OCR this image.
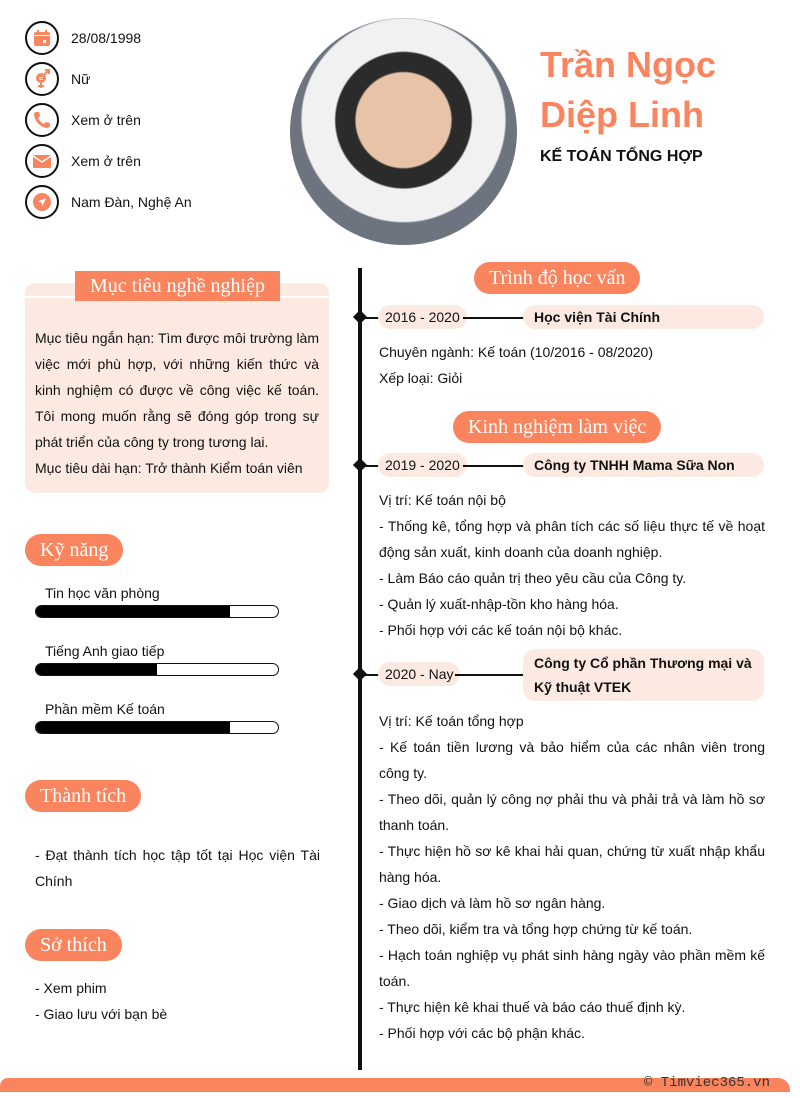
28/08/1998
Nữ
Xem ở trên
Xem ở trên
Nam Đàn, Nghệ An
Trần Ngọc
Diệp Linh
KẾ TOÁN TỔNG HỢP
Mục tiêu ngắn hạn: Tìm được môi trường làm việc mới phù hợp, với những kiến thức và kinh nghiệm có được về công việc kế toán. Tôi mong muốn rằng sẽ đóng góp trong sự phát triển của công ty trong tương lai.
Mục tiêu dài hạn: Trở thành Kiểm toán viên
Mục tiêu nghề nghiệp
Kỹ năng
Tin học văn phòng
Tiếng Anh giao tiếp
Phần mềm Kế toán
Thành tích
- Đạt thành tích học tập tốt tại Học viện Tài Chính
Sở thích
- Xem phim
- Giao lưu với bạn bè
Trình độ học vấn
2016 - 2020	Học viện Tài Chính
Chuyên ngành: Kế toán (10/2016 - 08/2020)
Xếp loại: Giỏi
Kinh nghiệm làm việc
2019 - 2020	Công ty TNHH Mama Sữa Non
Vị trí: Kế toán nội bộ
- Thống kê, tổng hợp và phân tích các số liệu thực tế về hoạt động sản xuất, kinh doanh của doanh nghiệp.
- Làm Báo cáo quản trị theo yêu cầu của Công ty.
- Quản lý xuất-nhập-tồn kho hàng hóa.
- Phối hợp với các kế toán nội bộ khác.
2020 - Nay
Công ty Cổ phần Thương mại và Kỹ thuật VTEK
Vị trí: Kế toán tổng hợp
- Kế toán tiền lương và bảo hiểm của các nhân viên trong công ty.
- Theo dõi, quản lý công nợ phải thu và phải trả và làm hồ sơ thanh toán.
- Thực hiện hồ sơ kê khai hải quan, chứng từ xuất nhập khẩu hàng hóa.
- Giao dịch và làm hồ sơ ngân hàng.
- Theo dõi, kiểm tra và tổng hợp chứng từ kế toán.
- Hạch toán nghiệp vụ phát sinh hàng ngày vào phần mềm kế toán.
- Thực hiện kê khai thuế và báo cáo thuế định kỳ.
- Phối hợp với các bộ phận khác.
© Timviec365.vn
